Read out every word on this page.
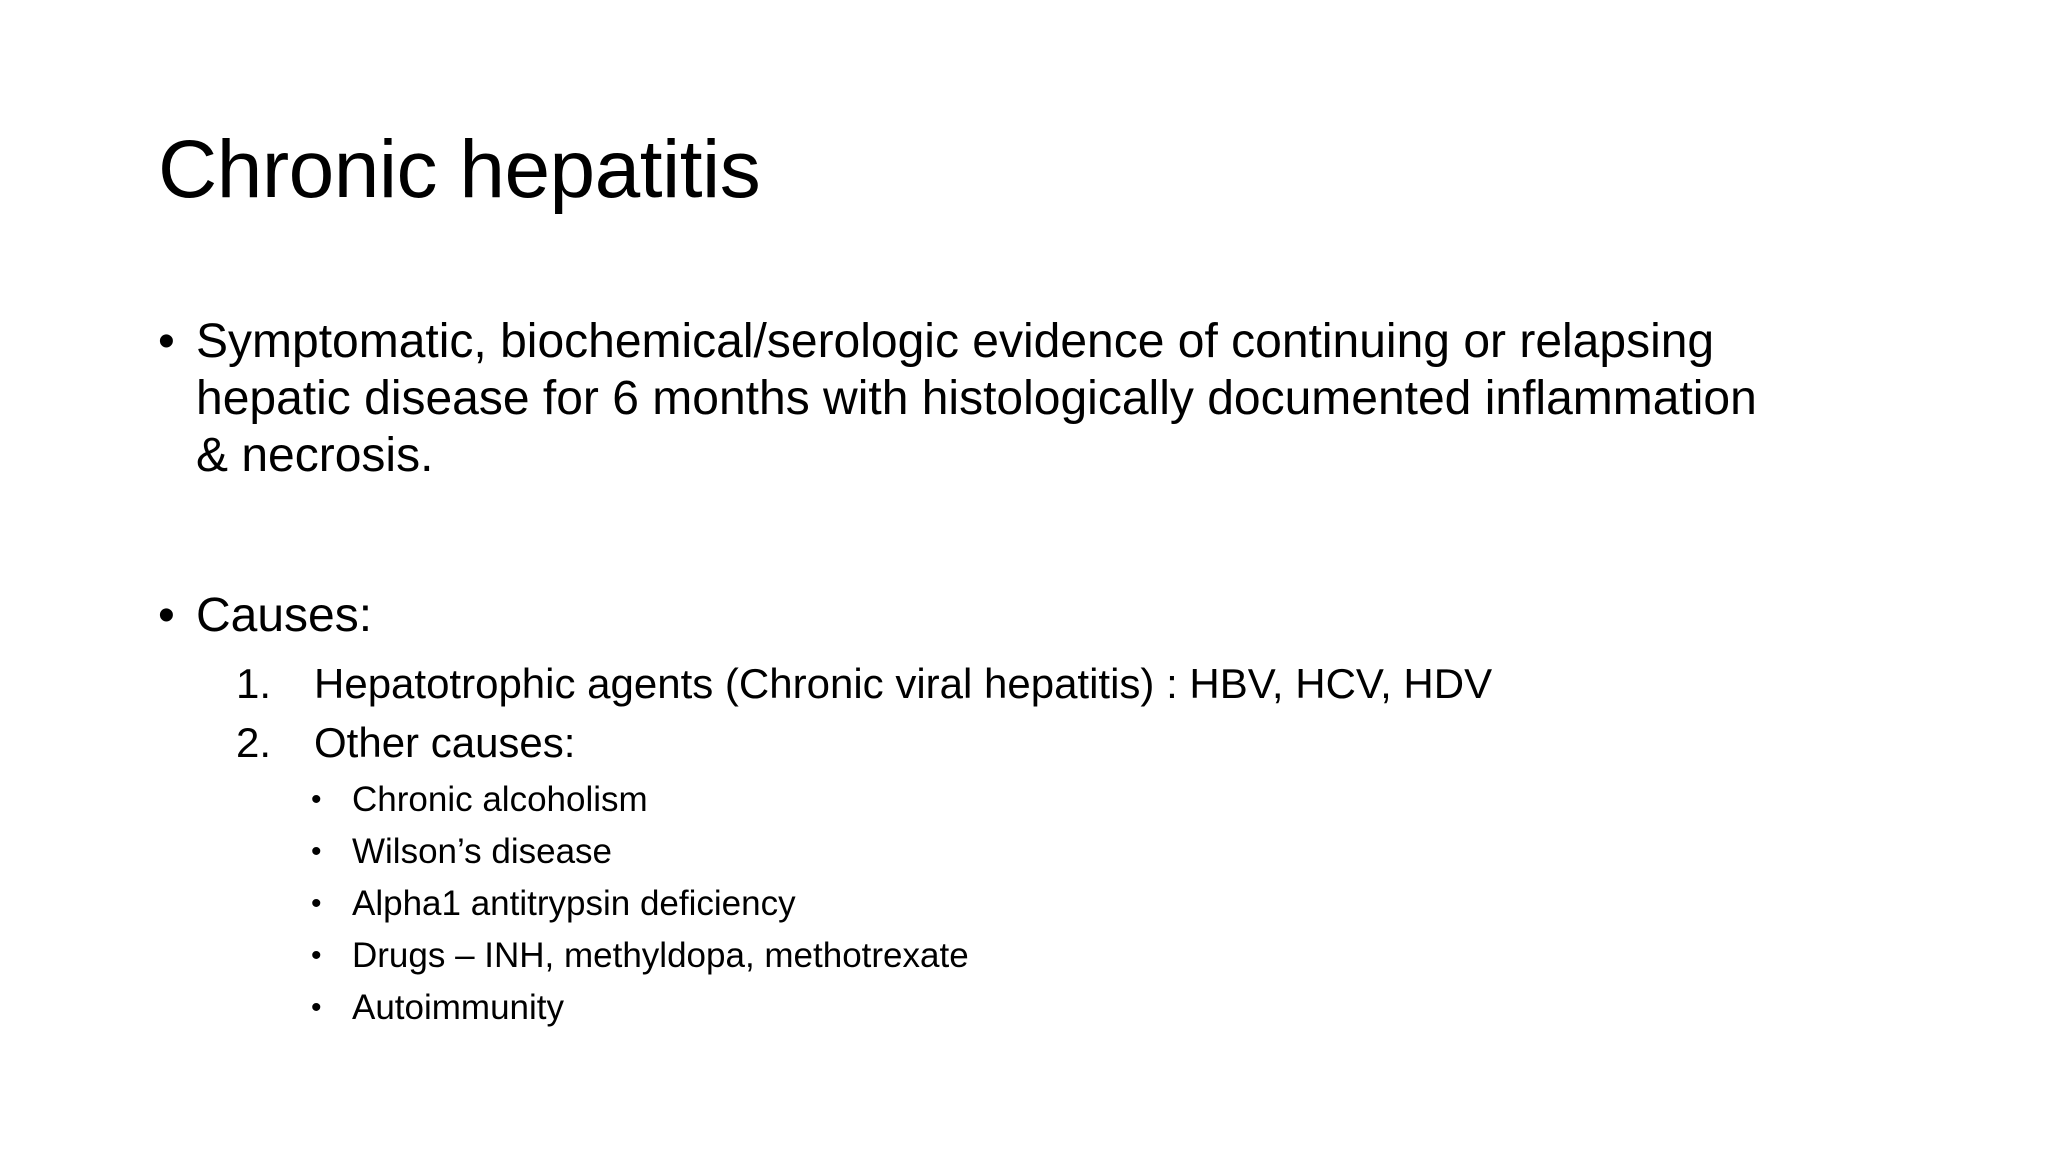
Chronic hepatitis
• Symptomatic, biochemical/serologic evidence of continuing or relapsing hepatic disease for 6 months with histologically documented inflammation & necrosis.
• Causes:
1. Hepatotrophic agents (Chronic viral hepatitis) : HBV, HCV, HDV
2. Other causes:
• Chronic alcoholism
• Wilson’s disease
• Alpha1 antitrypsin deficiency
• Drugs – INH, methyldopa, methotrexate
• Autoimmunity
